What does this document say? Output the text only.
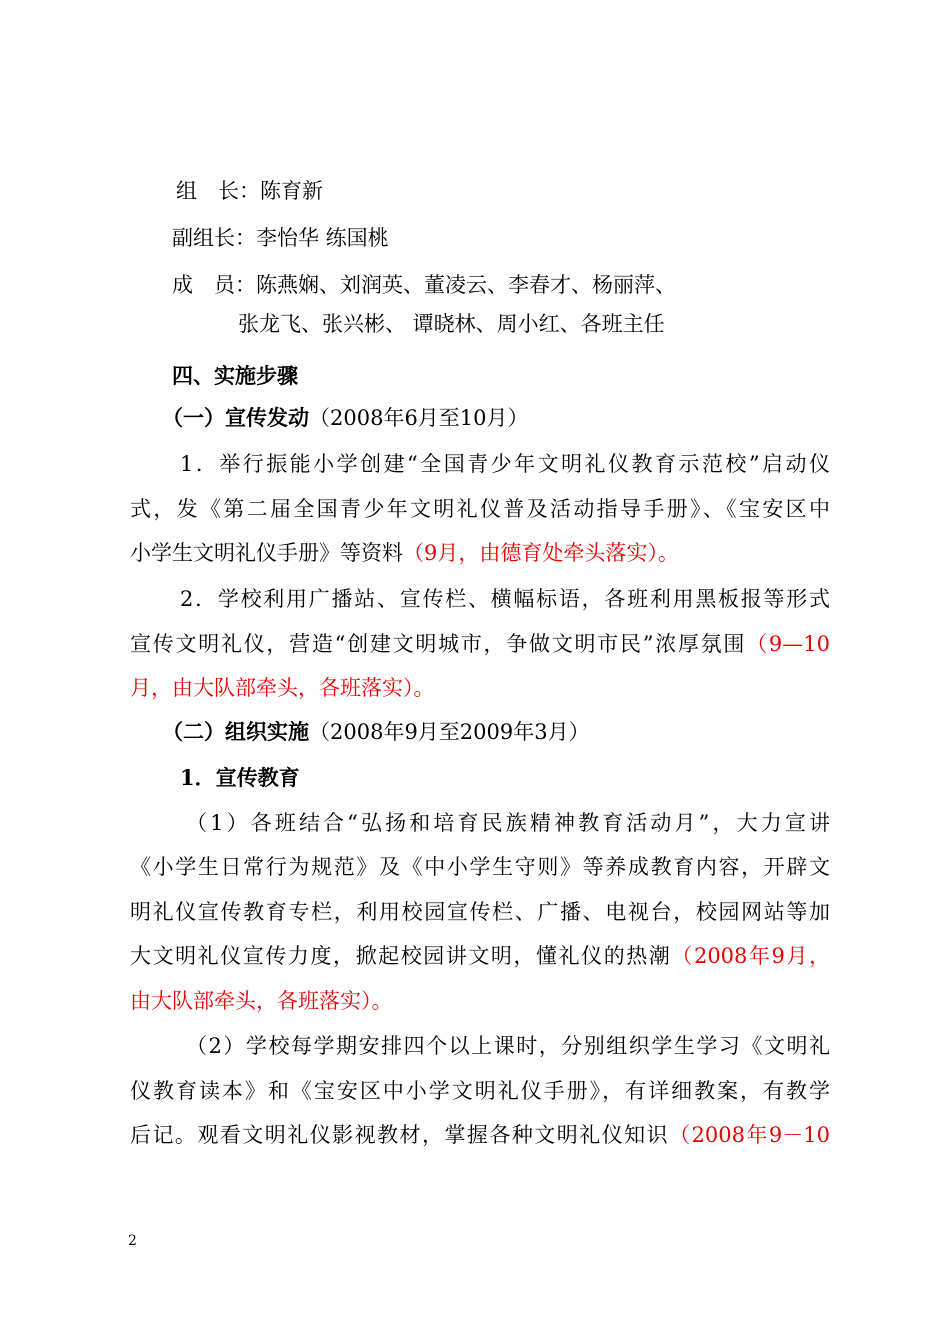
组　长：陈育新
副组长：李怡华 练国桃
成　员：陈燕娴、刘润英、董凌云、李春才、杨丽萍、
张龙飞、张兴彬、 谭晓林、周小红、各班主任
四、实施步骤
（一）宣传发动（2008年6月至10月）
1．举行振能小学创建“全国青少年文明礼仪教育示范校”启动仪
式，发《第二届全国青少年文明礼仪普及活动指导手册》、《宝安区中
小学生文明礼仪手册》等资料（9月，由德育处牵头落实）。
2．学校利用广播站、宣传栏、横幅标语，各班利用黑板报等形式
宣传文明礼仪，营造“创建文明城市，争做文明市民”浓厚氛围（9—10
月，由大队部牵头，各班落实）。
（二）组织实施（2008年9月至2009年3月）
1．宣传教育
（1）各班结合“弘扬和培育民族精神教育活动月”，大力宣讲
《小学生日常行为规范》及《中小学生守则》等养成教育内容，开辟文
明礼仪宣传教育专栏，利用校园宣传栏、广播、电视台，校园网站等加
大文明礼仪宣传力度，掀起校园讲文明，懂礼仪的热潮（2008年9月，
由大队部牵头，各班落实）。
（2）学校每学期安排四个以上课时，分别组织学生学习《文明礼
仪教育读本》和《宝安区中小学文明礼仪手册》，有详细教案，有教学
后记。观看文明礼仪影视教材，掌握各种文明礼仪知识（2008年9－10
2
